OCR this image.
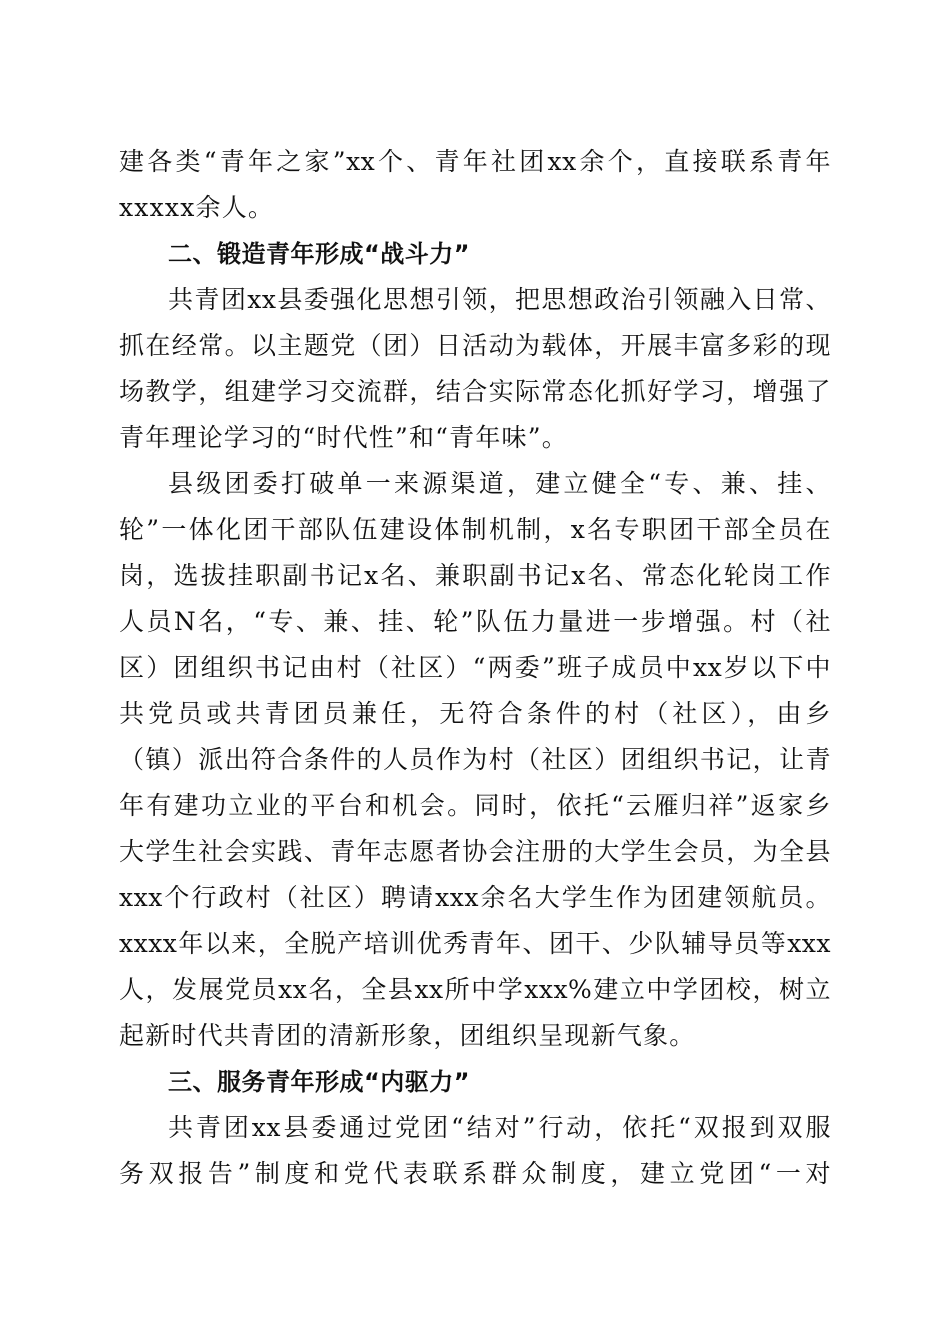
建各类“青年之家”xx个、青年社团xx余个，直接联系青年
xxxxx余人。
二、锻造青年形成“战斗力”
共青团xx县委强化思想引领，把思想政治引领融入日常、
抓在经常。以主题党（团）日活动为载体，开展丰富多彩的现
场教学，组建学习交流群，结合实际常态化抓好学习，增强了
青年理论学习的“时代性”和“青年味”。
县级团委打破单一来源渠道，建立健全“专、兼、挂、
轮”一体化团干部队伍建设体制机制，x名专职团干部全员在
岗，选拔挂职副书记x名、兼职副书记x名、常态化轮岗工作
人员N名，“专、兼、挂、轮”队伍力量进一步增强。村（社
区）团组织书记由村（社区）“两委”班子成员中xx岁以下中
共党员或共青团员兼任，无符合条件的村（社区），由乡
（镇）派出符合条件的人员作为村（社区）团组织书记，让青
年有建功立业的平台和机会。同时，依托“云雁归祥”返家乡
大学生社会实践、青年志愿者协会注册的大学生会员，为全县
xxx个行政村（社区）聘请xxx余名大学生作为团建领航员。
xxxx年以来，全脱产培训优秀青年、团干、少队辅导员等xxx
人，发展党员xx名，全县xx所中学xxx%建立中学团校，树立
起新时代共青团的清新形象，团组织呈现新气象。
三、服务青年形成“内驱力”
共青团xx县委通过党团“结对”行动，依托“双报到双服
务双报告”制度和党代表联系群众制度，建立党团“一对
